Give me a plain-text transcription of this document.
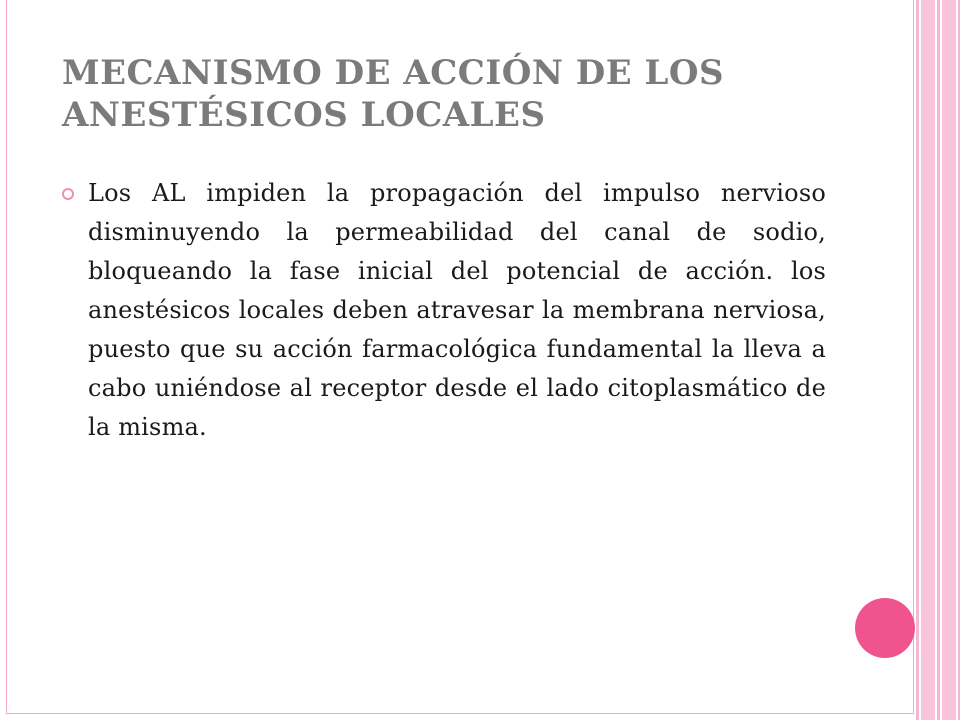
MECANISMO DE ACCIÓN DE LOS ANESTÉSICOS LOCALES

Los AL impiden la propagación del impulso nervioso disminuyendo la permeabilidad del canal de sodio, bloqueando la fase inicial del potencial de acción. los anestésicos locales deben atravesar la membrana nerviosa, puesto que su acción farmacológica fundamental la lleva a cabo uniéndose al receptor desde el lado citoplasmático de la misma.
